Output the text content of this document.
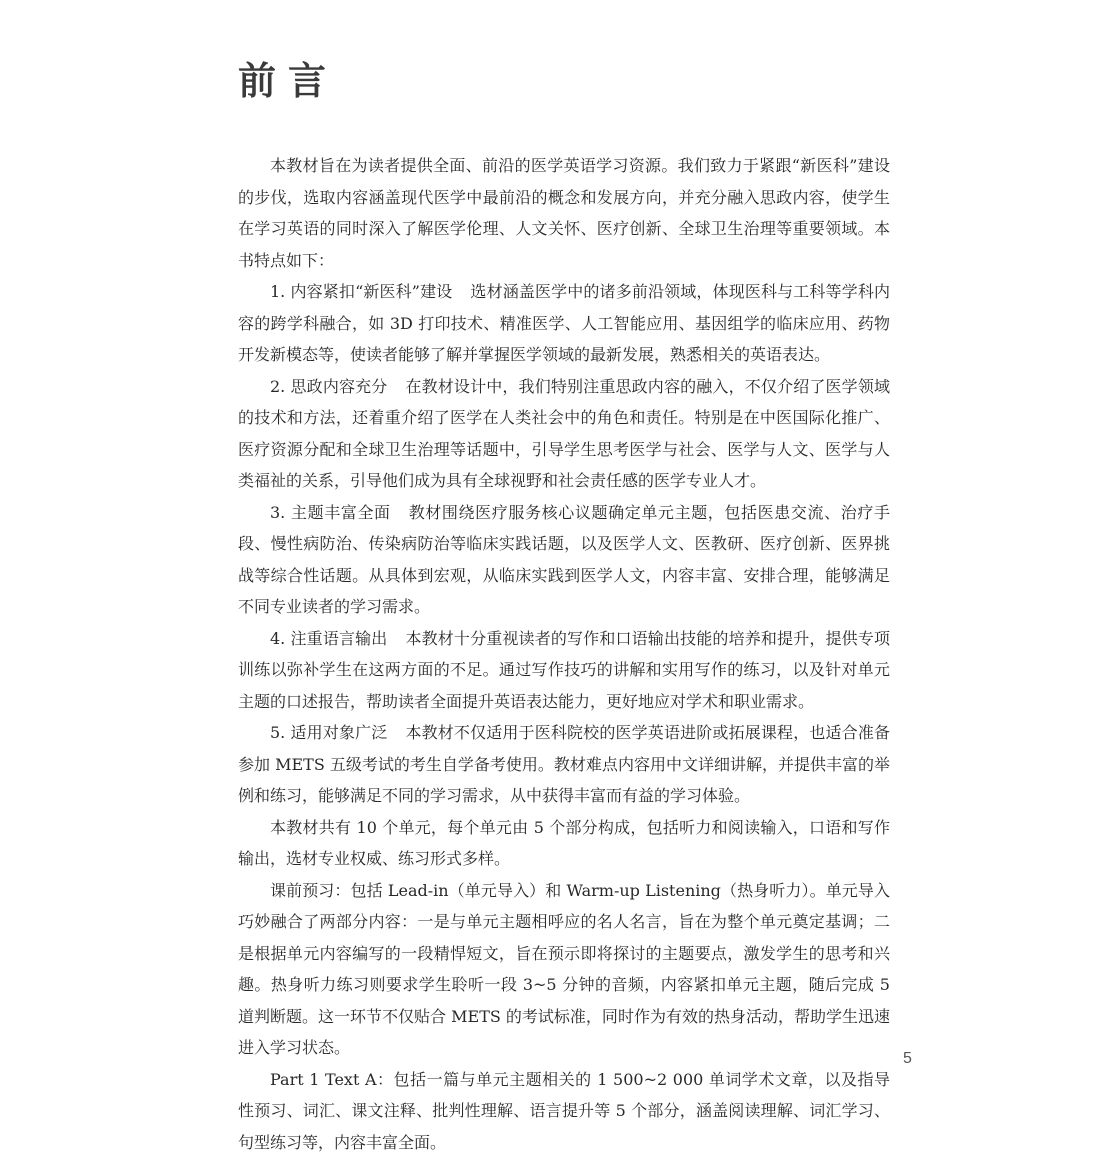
前言

本教材旨在为读者提供全面、前沿的医学英语学习资源。我们致力于紧跟“新医科”建设的步伐，选取内容涵盖现代医学中最前沿的概念和发展方向，并充分融入思政内容，使学生在学习英语的同时深入了解医学伦理、人文关怀、医疗创新、全球卫生治理等重要领域。本书特点如下：

1. 内容紧扣“新医科”建设 选材涵盖医学中的诸多前沿领域，体现医科与工科等学科内容的跨学科融合，如 3D 打印技术、精准医学、人工智能应用、基因组学的临床应用、药物开发新模态等，使读者能够了解并掌握医学领域的最新发展，熟悉相关的英语表达。

2. 思政内容充分 在教材设计中，我们特别注重思政内容的融入，不仅介绍了医学领域的技术和方法，还着重介绍了医学在人类社会中的角色和责任。特别是在中医国际化推广、医疗资源分配和全球卫生治理等话题中，引导学生思考医学与社会、医学与人文、医学与人类福祉的关系，引导他们成为具有全球视野和社会责任感的医学专业人才。

3. 主题丰富全面 教材围绕医疗服务核心议题确定单元主题，包括医患交流、治疗手段、慢性病防治、传染病防治等临床实践话题，以及医学人文、医教研、医疗创新、医界挑战等综合性话题。从具体到宏观，从临床实践到医学人文，内容丰富、安排合理，能够满足不同专业读者的学习需求。

4. 注重语言输出 本教材十分重视读者的写作和口语输出技能的培养和提升，提供专项训练以弥补学生在这两方面的不足。通过写作技巧的讲解和实用写作的练习，以及针对单元主题的口述报告，帮助读者全面提升英语表达能力，更好地应对学术和职业需求。

5. 适用对象广泛 本教材不仅适用于医科院校的医学英语进阶或拓展课程，也适合准备参加 METS 五级考试的考生自学备考使用。教材难点内容用中文详细讲解，并提供丰富的举例和练习，能够满足不同的学习需求，从中获得丰富而有益的学习体验。

本教材共有 10 个单元，每个单元由 5 个部分构成，包括听力和阅读输入，口语和写作输出，选材专业权威、练习形式多样。

课前预习：包括 Lead-in（单元导入）和 Warm-up Listening（热身听力）。单元导入巧妙融合了两部分内容：一是与单元主题相呼应的名人名言，旨在为整个单元奠定基调；二是根据单元内容编写的一段精悍短文，旨在预示即将探讨的主题要点，激发学生的思考和兴趣。热身听力练习则要求学生聆听一段 3~5 分钟的音频，内容紧扣单元主题，随后完成 5 道判断题。这一环节不仅贴合 METS 的考试标准，同时作为有效的热身活动，帮助学生迅速进入学习状态。

Part 1 Text A：包括一篇与单元主题相关的 1 500~2 000 单词学术文章，以及指导性预习、词汇、课文注释、批判性理解、语言提升等 5 个部分，涵盖阅读理解、词汇学习、句型练习等，内容丰富全面。

5
